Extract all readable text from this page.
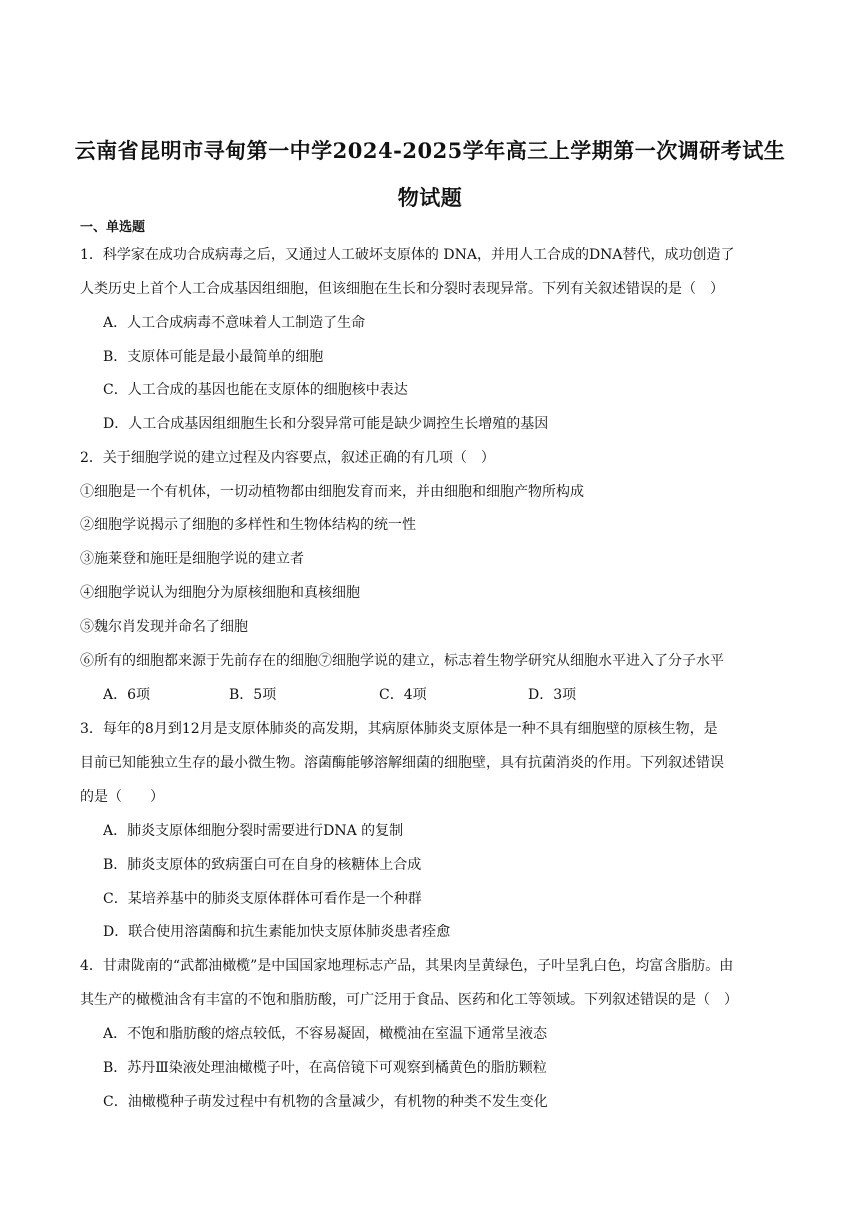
云南省昆明市寻甸第一中学2024-2025学年高三上学期第一次调研考试生
物试题
一、单选题
1．科学家在成功合成病毒之后，又通过人工破坏支原体的 DNA，并用人工合成的DNA替代，成功创造了
人类历史上首个人工合成基因组细胞，但该细胞在生长和分裂时表现异常。下列有关叙述错误的是（　）
A．人工合成病毒不意味着人工制造了生命
B．支原体可能是最小最简单的细胞
C．人工合成的基因也能在支原体的细胞核中表达
D．人工合成基因组细胞生长和分裂异常可能是缺少调控生长增殖的基因
2．关于细胞学说的建立过程及内容要点，叙述正确的有几项（　）
①细胞是一个有机体，一切动植物都由细胞发育而来，并由细胞和细胞产物所构成
②细胞学说揭示了细胞的多样性和生物体结构的统一性
③施莱登和施旺是细胞学说的建立者
④细胞学说认为细胞分为原核细胞和真核细胞
⑤魏尔肖发现并命名了细胞
⑥所有的细胞都来源于先前存在的细胞⑦细胞学说的建立，标志着生物学研究从细胞水平进入了分子水平
A．6项	B．5项	C．4项	D．3项
3．每年的8月到12月是支原体肺炎的高发期，其病原体肺炎支原体是一种不具有细胞壁的原核生物，是
目前已知能独立生存的最小微生物。溶菌酶能够溶解细菌的细胞壁，具有抗菌消炎的作用。下列叙述错误
的是（　　）
A．肺炎支原体细胞分裂时需要进行DNA 的复制
B．肺炎支原体的致病蛋白可在自身的核糖体上合成
C．某培养基中的肺炎支原体群体可看作是一个种群
D．联合使用溶菌酶和抗生素能加快支原体肺炎患者痊愈
4．甘肃陇南的“武都油橄榄”是中国国家地理标志产品，其果肉呈黄绿色，子叶呈乳白色，均富含脂肪。由
其生产的橄榄油含有丰富的不饱和脂肪酸，可广泛用于食品、医药和化工等领域。下列叙述错误的是（　）
A．不饱和脂肪酸的熔点较低，不容易凝固，橄榄油在室温下通常呈液态
B．苏丹Ⅲ染液处理油橄榄子叶，在高倍镜下可观察到橘黄色的脂肪颗粒
C．油橄榄种子萌发过程中有机物的含量减少，有机物的种类不发生变化
